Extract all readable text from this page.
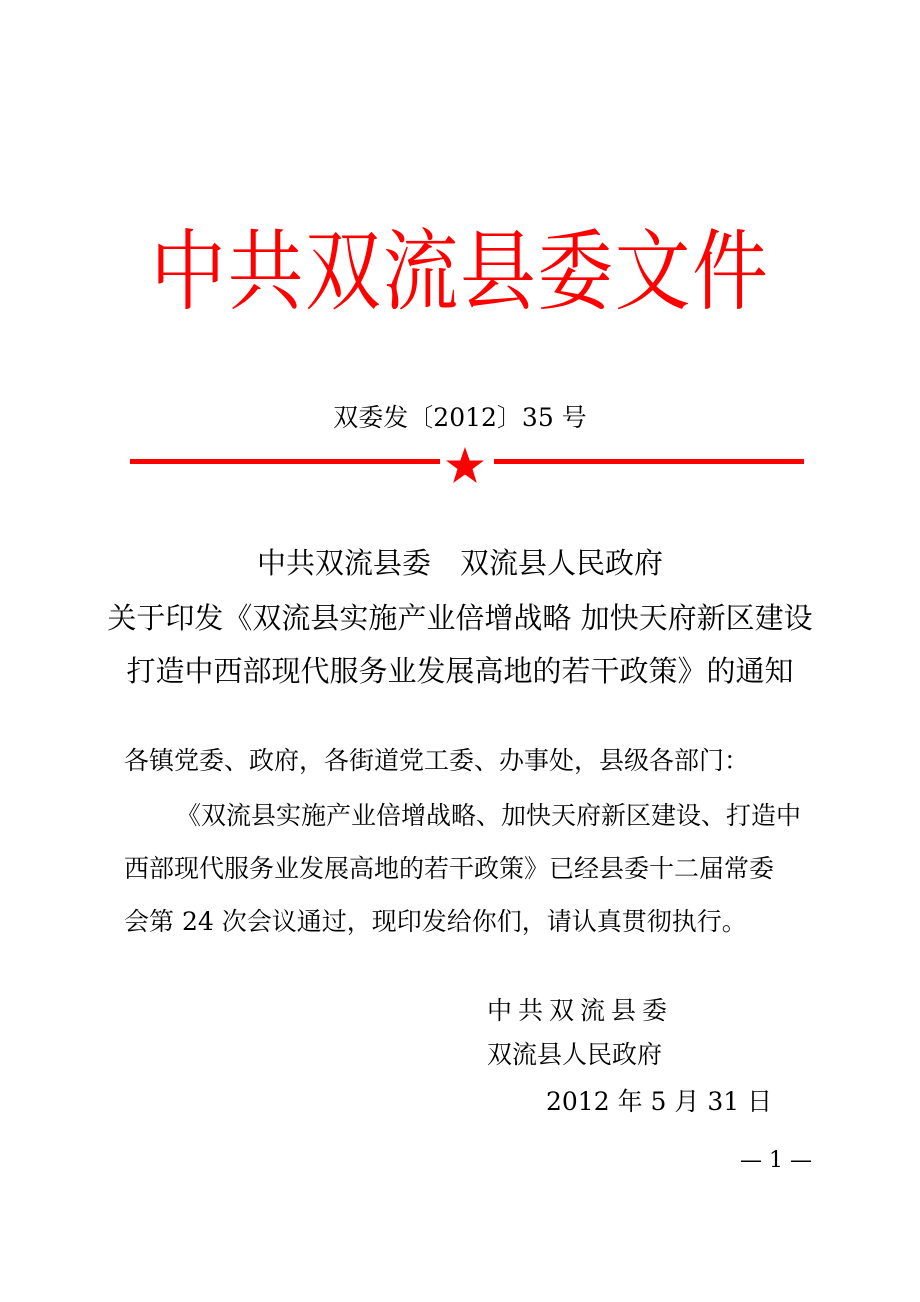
中共双流县委文件
双委发〔2012〕35 号
中共双流县委　双流县人民政府
关于印发《双流县实施产业倍增战略 加快天府新区建设
打造中西部现代服务业发展高地的若干政策》的通知
各镇党委、政府，各街道党工委、办事处，县级各部门：
《双流县实施产业倍增战略、加快天府新区建设、打造中
西部现代服务业发展高地的若干政策》已经县委十二届常委
会第 24 次会议通过，现印发给你们，请认真贯彻执行。
中共双流县委
双流县人民政府
2012 年 5 月 31 日
— 1 —
